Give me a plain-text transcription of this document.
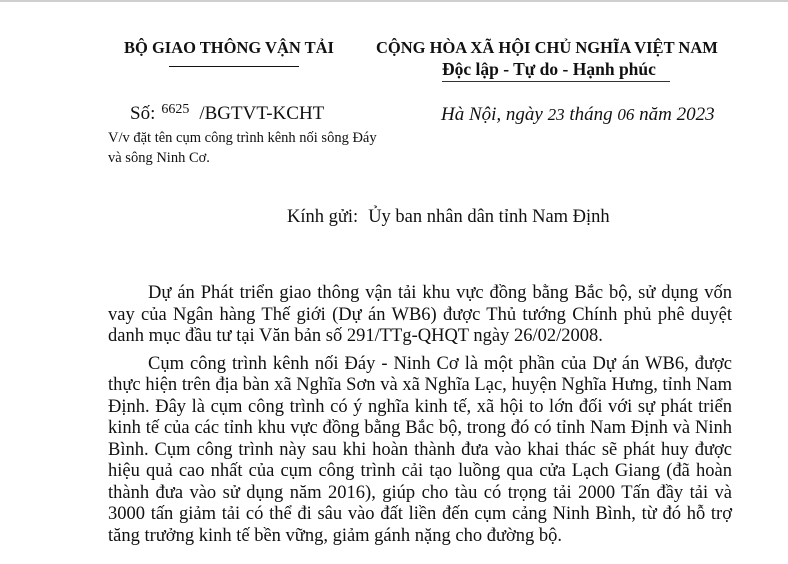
BỘ GIAO THÔNG VẬN TẢI	CỘNG HÒA XÃ HỘI CHỦ NGHĨA VIỆT NAM
Độc lập - Tự do - Hạnh phúc
Số: $^{6625}$ /BGTVT-KCHT
V/v đặt tên cụm công trình kênh nối sông Đáy và sông Ninh Cơ.
Hà Nội, ngày 23 tháng 06 năm 2023
Kính gửi: Ủy ban nhân dân tỉnh Nam Định

Dự án Phát triển giao thông vận tải khu vực đồng bằng Bắc bộ, sử dụng vốn vay của Ngân hàng Thế giới (Dự án WB6) được Thủ tướng Chính phủ phê duyệt danh mục đầu tư tại Văn bản số 291/TTg-QHQT ngày 26/02/2008.

Cụm công trình kênh nối Đáy - Ninh Cơ là một phần của Dự án WB6, được thực hiện trên địa bàn xã Nghĩa Sơn và xã Nghĩa Lạc, huyện Nghĩa Hưng, tỉnh Nam Định. Đây là cụm công trình có ý nghĩa kinh tế, xã hội to lớn đối với sự phát triển kinh tế của các tỉnh khu vực đồng bằng Bắc bộ, trong đó có tỉnh Nam Định và Ninh Bình. Cụm công trình này sau khi hoàn thành đưa vào khai thác sẽ phát huy được hiệu quả cao nhất của cụm công trình cải tạo luồng qua cửa Lạch Giang (đã hoàn thành đưa vào sử dụng năm 2016), giúp cho tàu có trọng tải 2000 Tấn đầy tải và 3000 tấn giảm tải có thể đi sâu vào đất liền đến cụm cảng Ninh Bình, từ đó hỗ trợ tăng trưởng kinh tế bền vững, giảm gánh nặng cho đường bộ.
